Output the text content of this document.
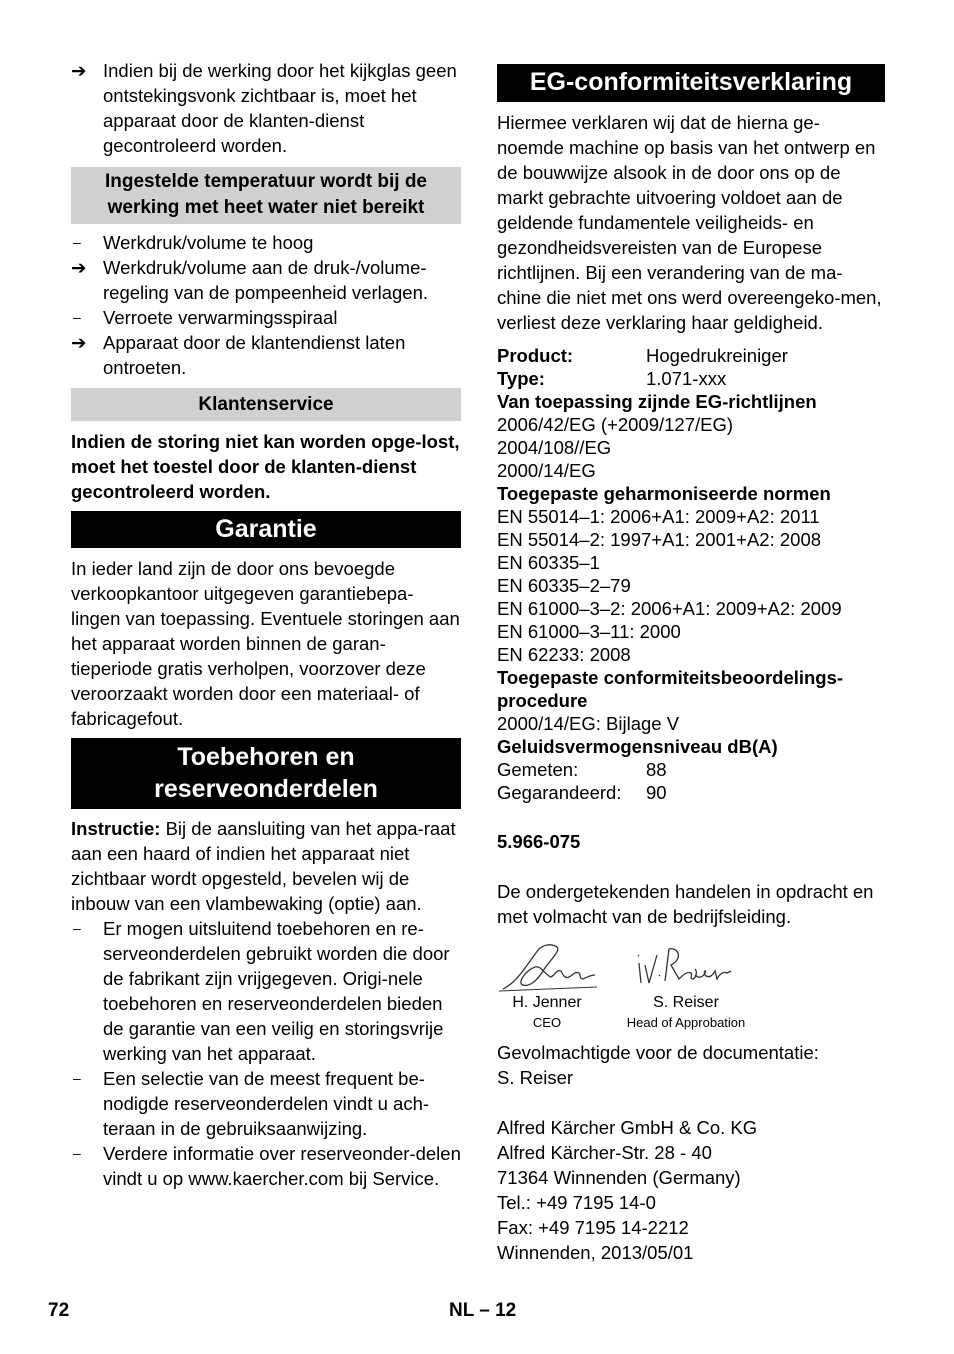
➔ Indien bij de werking door het kijkglas geen ontstekingsvonk zichtbaar is, moet het apparaat door de klanten-dienst gecontroleerd worden.
Ingestelde temperatuur wordt bij de
werking met heet water niet bereikt
–	Werkdruk/volume te hoog
➔ Werkdruk/volume aan de druk-/volume-regeling van de pompeenheid verlagen.
–	Verroete verwarmingsspiraal
➔ Apparaat door de klantendienst laten ontroeten.
Klantenservice

Indien de storing niet kan worden opge-lost, moet het toestel door de klanten-dienst gecontroleerd worden.

Garantie

In ieder land zijn de door ons bevoegde verkoopkantoor uitgegeven garantiebepa-lingen van toepassing. Eventuele storingen aan het apparaat worden binnen de garan-tieperiode gratis verholpen, voorzover deze veroorzaakt worden door een materiaal- of fabricagefout.

Toebehoren en
reserveonderdelen

Instructie: Bij de aansluiting van het appa-raat aan een haard of indien het apparaat niet zichtbaar wordt opgesteld, bevelen wij de inbouw van een vlambewaking (optie) aan.

–	Er mogen uitsluitend toebehoren en re-serveonderdelen gebruikt worden die door de fabrikant zijn vrijgegeven. Origi-nele toebehoren en reserveonderdelen bieden de garantie van een veilig en storingsvrije werking van het apparaat.
–	Een selectie van de meest frequent be-nodigde reserveonderdelen vindt u ach-teraan in de gebruiksaanwijzing.
–	Verdere informatie over reserveonder-delen vindt u op www.kaercher.com bij Service.
EG-conformiteitsverklaring

Hiermee verklaren wij dat de hierna ge-noemde machine op basis van het ontwerp en de bouwwijze alsook in de door ons op de markt gebrachte uitvoering voldoet aan de geldende fundamentele veiligheids- en gezondheidsvereisten van de Europese richtlijnen. Bij een verandering van de ma-chine die niet met ons werd overeengeko-men, verliest deze verklaring haar geldigheid.

Product:	Hogedrukreiniger
Type:	1.071-xxx
Van toepassing zijnde EG-richtlijnen
2006/42/EG (+2009/127/EG)
2004/108//EG
2000/14/EG
Toegepaste geharmoniseerde normen
EN 55014–1: 2006+A1: 2009+A2: 2011
EN 55014–2: 1997+A1: 2001+A2: 2008
EN 60335–1
EN 60335–2–79
EN 61000–3–2: 2006+A1: 2009+A2: 2009
EN 61000–3–11: 2000
EN 62233: 2008
Toegepaste conformiteitsbeoordelings-
procedure
2000/14/EG: Bijlage V
Geluidsvermogensniveau dB(A)
Gemeten:	88
Gegarandeerd:	90

5.966-075

De ondergetekenden handelen in opdracht en met volmacht van de bedrijfsleiding.

H. Jenner
CEO
S. Reiser
Head of Approbation

Gevolmachtigde voor de documentatie:

S. Reiser

Alfred Kärcher GmbH & Co. KG
Alfred Kärcher-Str. 28 - 40
71364 Winnenden (Germany)
Tel.: +49 7195 14-0
Fax: +49 7195 14-2212
Winnenden, 2013/05/01
72	NL – 12
